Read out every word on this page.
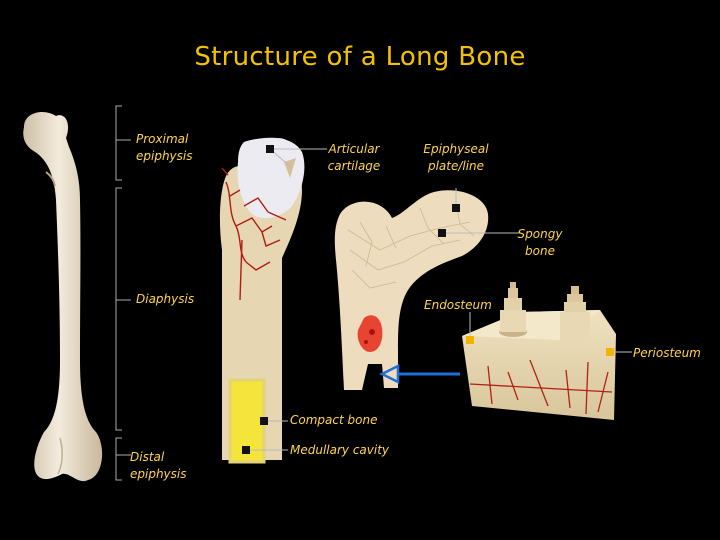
Structure of a Long Bone
Proximal
epiphysis
Diaphysis
Distal
epiphysis
Articular
cartilage
Epiphyseal
plate/line
Spongy
bone
Endosteum
Periosteum
Compact bone
Medullary cavity
